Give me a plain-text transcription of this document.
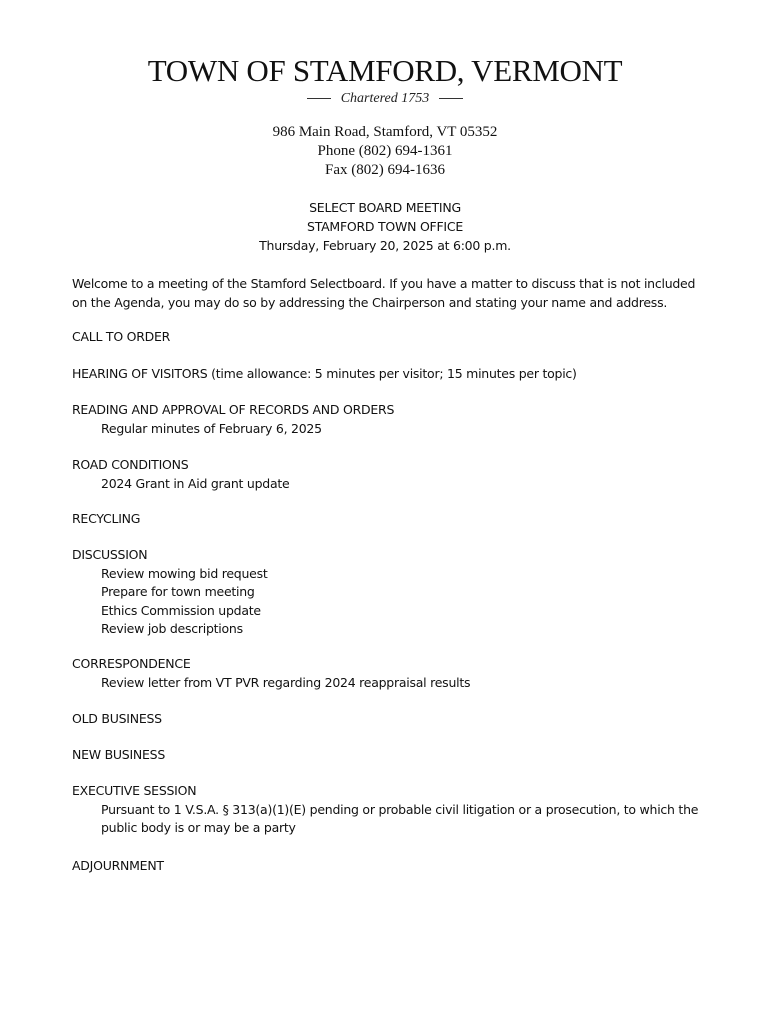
TOWN OF STAMFORD, VERMONT
Chartered 1753
986 Main Road, Stamford, VT 05352
Phone (802) 694-1361
Fax (802) 694-1636
SELECT BOARD MEETING
STAMFORD TOWN OFFICE
Thursday, February 20, 2025 at 6:00 p.m.
Welcome to a meeting of the Stamford Selectboard. If you have a matter to discuss that is not included on the Agenda, you may do so by addressing the Chairperson and stating your name and address.

CALL TO ORDER

HEARING OF VISITORS (time allowance: 5 minutes per visitor; 15 minutes per topic)

READING AND APPROVAL OF RECORDS AND ORDERS

Regular minutes of February 6, 2025

ROAD CONDITIONS

2024 Grant in Aid grant update

RECYCLING

DISCUSSION

Review mowing bid request

Prepare for town meeting

Ethics Commission update

Review job descriptions

CORRESPONDENCE

Review letter from VT PVR regarding 2024 reappraisal results

OLD BUSINESS

NEW BUSINESS

EXECUTIVE SESSION

Pursuant to 1 V.S.A. § 313(a)(1)(E) pending or probable civil litigation or a prosecution, to which the public body is or may be a party

ADJOURNMENT
